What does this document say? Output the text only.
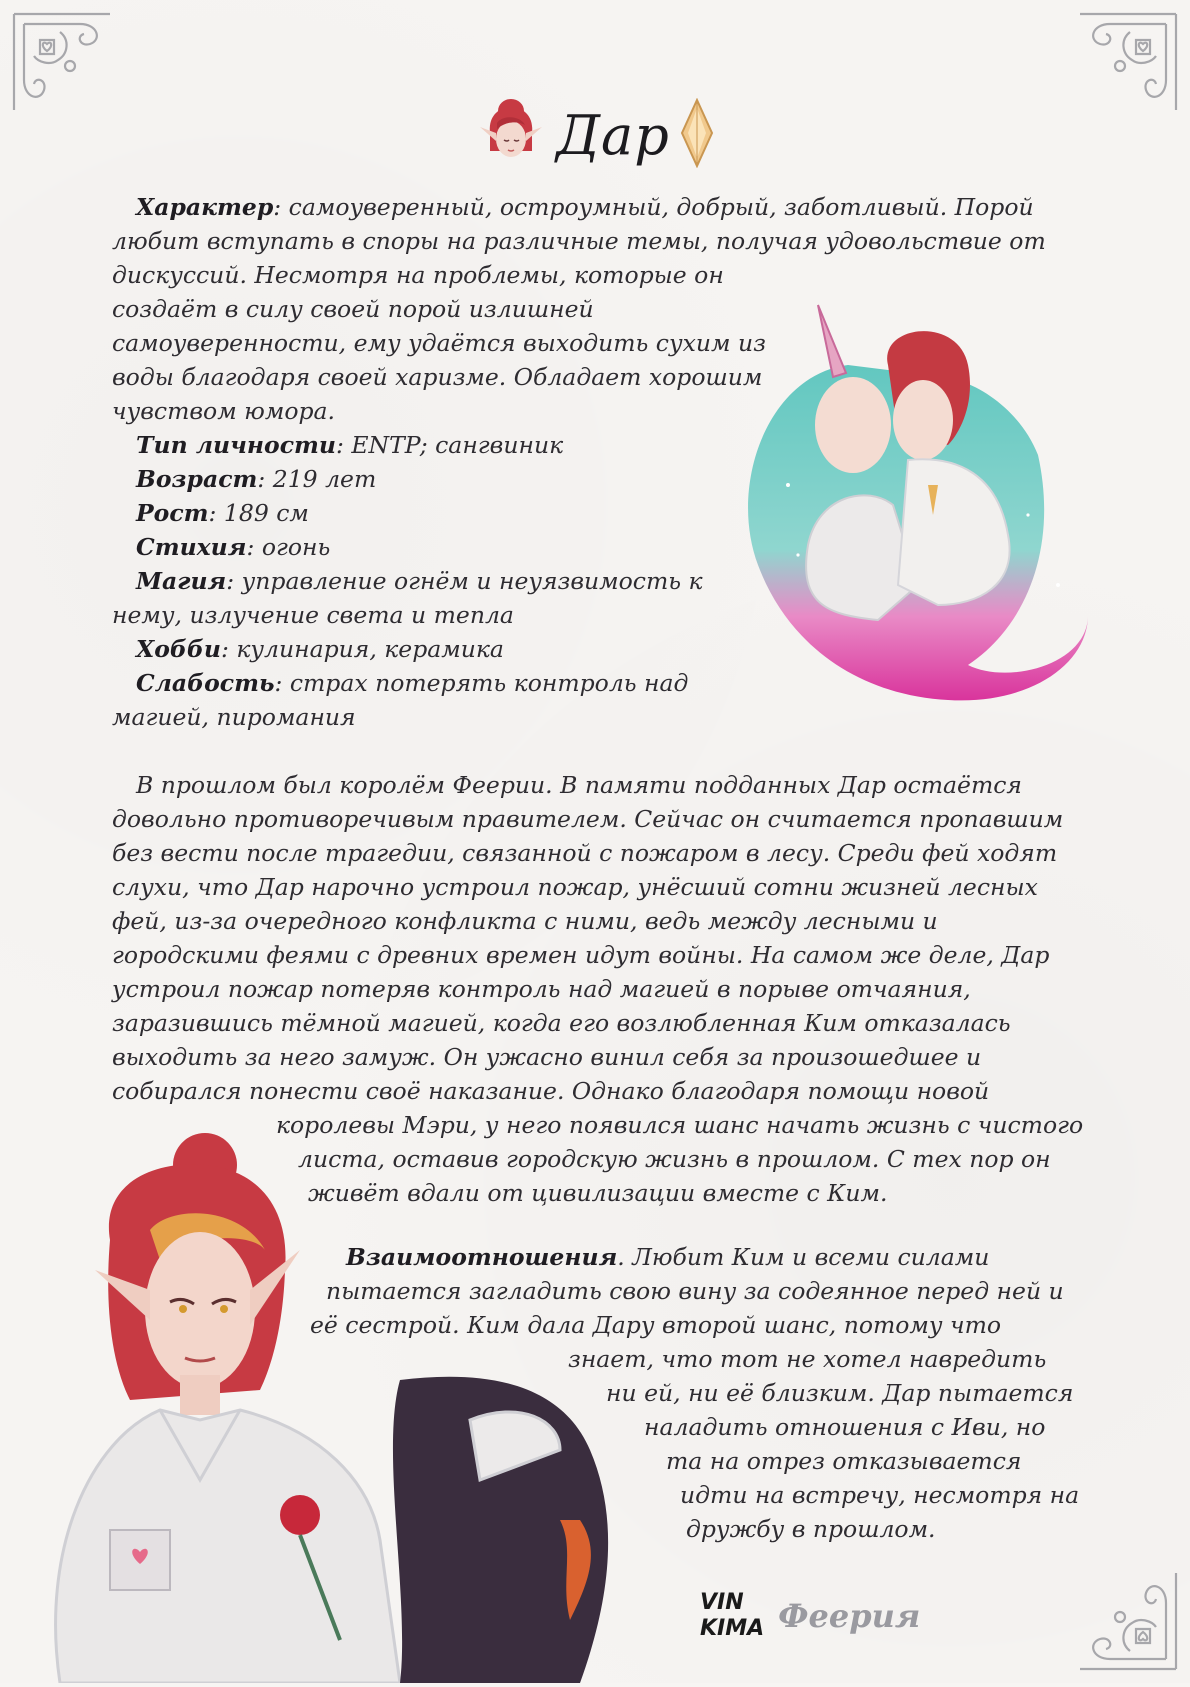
Дар
Характер: самоуверенный, остроумный, добрый, заботливый. Порой
любит вступать в споры на различные темы, получая удовольствие от
дискуссий. Несмотря на проблемы, которые он
создаёт в силу своей порой излишней
самоуверенности, ему удаётся выходить сухим из
воды благодаря своей харизме. Обладает хорошим
чувством юмора.
Тип личности: ENTP; сангвиник
Возраст: 219 лет
Рост: 189 см
Стихия: огонь
Магия: управление огнём и неуязвимость к
нему, излучение света и тепла
Хобби: кулинария, керамика
Слабость: страх потерять контроль над
магией, пиромания
В прошлом был королём Феерии. В памяти подданных Дар остаётся
довольно противоречивым правителем. Сейчас он считается пропавшим
без вести после трагедии, связанной с пожаром в лесу. Среди фей ходят
слухи, что Дар нарочно устроил пожар, унёсший сотни жизней лесных
фей, из-за очередного конфликта с ними, ведь между лесными и
городскими феями с древних времен идут войны. На самом же деле, Дар
устроил пожар потеряв контроль над магией в порыве отчаяния,
заразившись тёмной магией, когда его возлюбленная Ким отказалась
выходить за него замуж. Он ужасно винил себя за произошедшее и
собирался понести своё наказание. Однако благодаря помощи новой
королевы Мэри, у него появился шанс начать жизнь с чистого
листа, оставив городскую жизнь в прошлом. С тех пор он
живёт вдали от цивилизации вместе с Ким.
Взаимоотношения. Любит Ким и всеми силами
пытается загладить свою вину за содеянное перед ней и
её сестрой. Ким дала Дару второй шанс, потому что
знает, что тот не хотел навредить
ни ей, ни её близким. Дар пытается
наладить отношения с Иви, но
та на отрез отказывается
идти на встречу, несмотря на
дружбу в прошлом.
VIN
KIMA Феерия
